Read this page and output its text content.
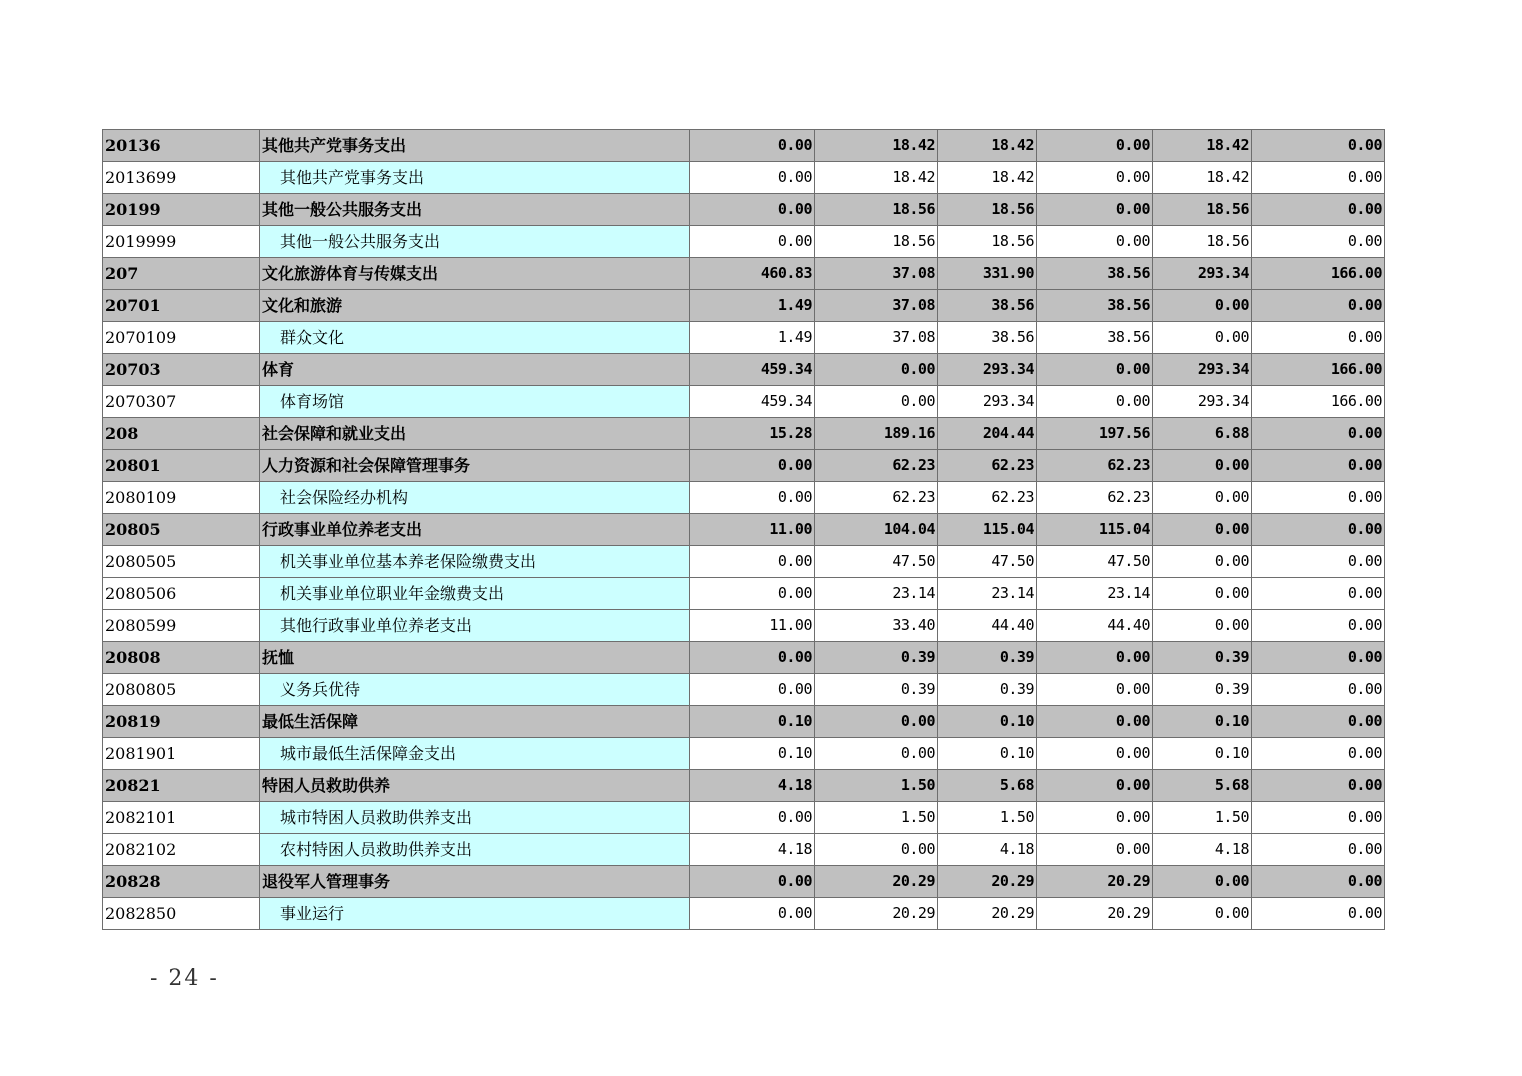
20136	其他共产党事务支出	0.00	18.42	18.42	0.00	18.42	0.00
2013699	其他共产党事务支出	0.00	18.42	18.42	0.00	18.42	0.00
20199	其他一般公共服务支出	0.00	18.56	18.56	0.00	18.56	0.00
2019999	其他一般公共服务支出	0.00	18.56	18.56	0.00	18.56	0.00
207	文化旅游体育与传媒支出	460.83	37.08	331.90	38.56	293.34	166.00
20701	文化和旅游	1.49	37.08	38.56	38.56	0.00	0.00
2070109	群众文化	1.49	37.08	38.56	38.56	0.00	0.00
20703	体育	459.34	0.00	293.34	0.00	293.34	166.00
2070307	体育场馆	459.34	0.00	293.34	0.00	293.34	166.00
208	社会保障和就业支出	15.28	189.16	204.44	197.56	6.88	0.00
20801	人力资源和社会保障管理事务	0.00	62.23	62.23	62.23	0.00	0.00
2080109	社会保险经办机构	0.00	62.23	62.23	62.23	0.00	0.00
20805	行政事业单位养老支出	11.00	104.04	115.04	115.04	0.00	0.00
2080505	机关事业单位基本养老保险缴费支出	0.00	47.50	47.50	47.50	0.00	0.00
2080506	机关事业单位职业年金缴费支出	0.00	23.14	23.14	23.14	0.00	0.00
2080599	其他行政事业单位养老支出	11.00	33.40	44.40	44.40	0.00	0.00
20808	抚恤	0.00	0.39	0.39	0.00	0.39	0.00
2080805	义务兵优待	0.00	0.39	0.39	0.00	0.39	0.00
20819	最低生活保障	0.10	0.00	0.10	0.00	0.10	0.00
2081901	城市最低生活保障金支出	0.10	0.00	0.10	0.00	0.10	0.00
20821	特困人员救助供养	4.18	1.50	5.68	0.00	5.68	0.00
2082101	城市特困人员救助供养支出	0.00	1.50	1.50	0.00	1.50	0.00
2082102	农村特困人员救助供养支出	4.18	0.00	4.18	0.00	4.18	0.00
20828	退役军人管理事务	0.00	20.29	20.29	20.29	0.00	0.00
2082850	事业运行	0.00	20.29	20.29	20.29	0.00	0.00
- 24 -
